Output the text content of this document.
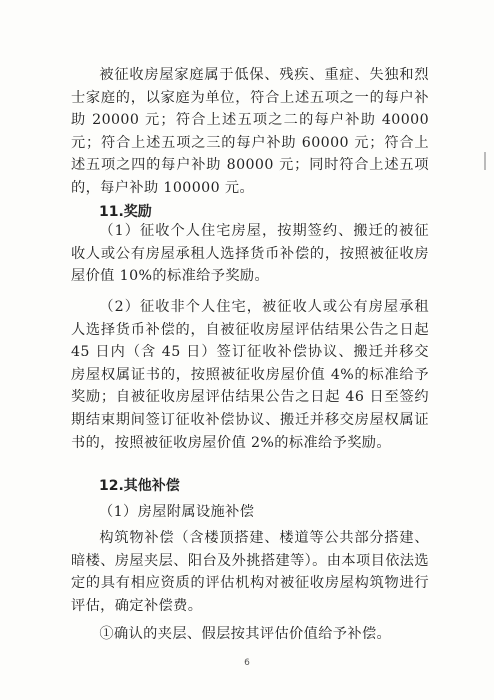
被征收房屋家庭属于低保、残疾、重症、失独和烈士家庭的，以家庭为单位，符合上述五项之一的每户补助 20000 元；符合上述五项之二的每户补助 40000 元；符合上述五项之三的每户补助 60000 元；符合上述五项之四的每户补助 80000 元；同时符合上述五项的，每户补助 100000 元。

11.奖励

（1）征收个人住宅房屋，按期签约、搬迁的被征收人或公有房屋承租人选择货币补偿的，按照被征收房屋价值 10%的标准给予奖励。

（2）征收非个人住宅，被征收人或公有房屋承租人选择货币补偿的，自被征收房屋评估结果公告之日起 45 日内（含 45 日）签订征收补偿协议、搬迁并移交房屋权属证书的，按照被征收房屋价值 4%的标准给予奖励；自被征收房屋评估结果公告之日起 46 日至签约期结束期间签订征收补偿协议、搬迁并移交房屋权属证书的，按照被征收房屋价值 2%的标准给予奖励。

12.其他补偿
（1）房屋附属设施补偿

构筑物补偿（含楼顶搭建、楼道等公共部分搭建、暗楼、房屋夹层、阳台及外挑搭建等）。由本项目依法选定的具有相应资质的评估机构对被征收房屋构筑物进行评估，确定补偿费。

①确认的夹层、假层按其评估价值给予补偿。

6
